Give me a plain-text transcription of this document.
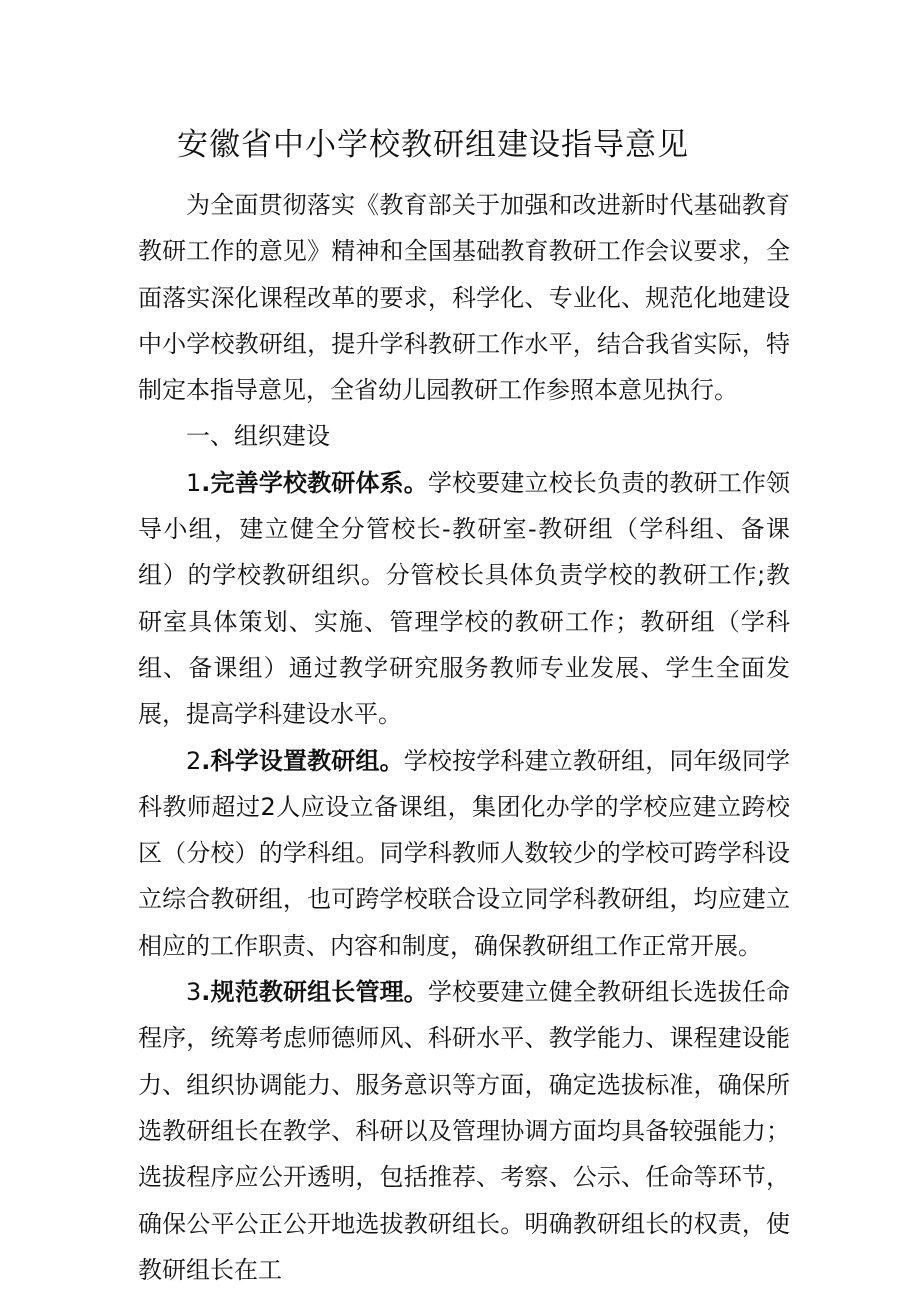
安徽省中小学校教研组建设指导意见

为全面贯彻落实《教育部关于加强和改进新时代基础教育教研工作的意见》精神和全国基础教育教研工作会议要求，全面落实深化课程改革的要求，科学化、专业化、规范化地建设中小学校教研组，提升学科教研工作水平，结合我省实际，特制定本指导意见，全省幼儿园教研工作参照本意见执行。

一、组织建设

1.完善学校教研体系。学校要建立校长负责的教研工作领导小组，建立健全分管校长-教研室-教研组（学科组、备课组）的学校教研组织。分管校长具体负责学校的教研工作;教研室具体策划、实施、管理学校的教研工作；教研组（学科组、备课组）通过教学研究服务教师专业发展、学生全面发展，提高学科建设水平。

2.科学设置教研组。学校按学科建立教研组，同年级同学科教师超过2人应设立备课组，集团化办学的学校应建立跨校区（分校）的学科组。同学科教师人数较少的学校可跨学科设立综合教研组，也可跨学校联合设立同学科教研组，均应建立相应的工作职责、内容和制度，确保教研组工作正常开展。

3.规范教研组长管理。学校要建立健全教研组长选拔任命程序，统筹考虑师德师风、科研水平、教学能力、课程建设能力、组织协调能力、服务意识等方面，确定选拔标准，确保所选教研组长在教学、科研以及管理协调方面均具备较强能力；选拔程序应公开透明，包括推荐、考察、公示、任命等环节，确保公平公正公开地选拔教研组长。明确教研组长的权责，使教研组长在工
